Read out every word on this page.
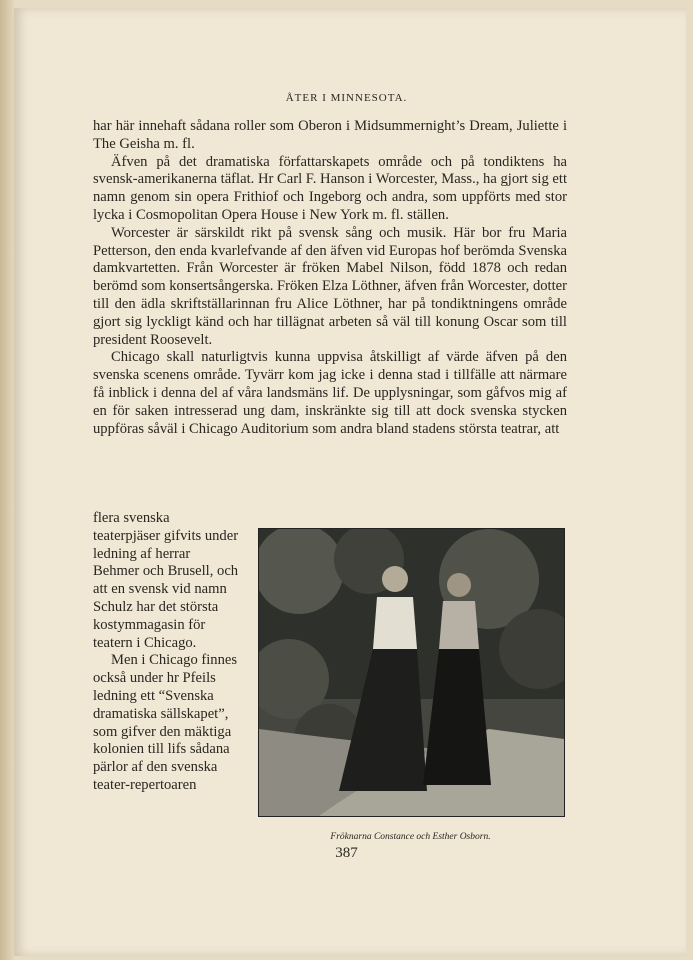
ÅTER I MINNESOTA.

har här innehaft sådana roller som Oberon i Midsummernight’s Dream, Juliette i The Geisha m. fl.

Äfven på det dramatiska författarskapets område och på tondiktens ha svensk-amerikanerna täflat. Hr Carl F. Hanson i Worcester, Mass., ha gjort sig ett namn genom sin opera Frithiof och Ingeborg och andra, som uppförts med stor lycka i Cosmopolitan Opera House i New York m. fl. ställen.

Worcester är särskildt rikt på svensk sång och musik. Här bor fru Maria Petterson, den enda kvarlefvande af den äfven vid Europas hof berömda Svenska damkvartetten. Från Worcester är fröken Mabel Nilson, född 1878 och redan berömd som konsertsångerska. Fröken Elza Löthner, äfven från Worcester, dotter till den ädla skriftställarinnan fru Alice Löthner, har på tondiktningens område gjort sig lyckligt känd och har tillägnat arbeten så väl till konung Oscar som till president Roosevelt.

Chicago skall naturligtvis kunna uppvisa åtskilligt af värde äfven på den svenska scenens område. Tyvärr kom jag icke i denna stad i tillfälle att närmare få inblick i denna del af våra landsmäns lif. De upplysningar, som gåfvos mig af en för saken intresserad ung dam, inskränkte sig till att dock svenska stycken uppföras såväl i Chicago Auditorium som andra bland stadens största teatrar, att

flera svenska teaterpjäser gifvits under ledning af herrar Behmer och Brusell, och att en svensk vid namn Schulz har det största kostymmagasin för teatern i Chicago.

Men i Chicago finnes också under hr Pfeils ledning ett “Svenska dramatiska sällskapet”, som gifver den mäktiga kolonien till lifs sådana pärlor af den svenska teater-repertoaren

Fröknarna Constance och Esther Osborn.
387
